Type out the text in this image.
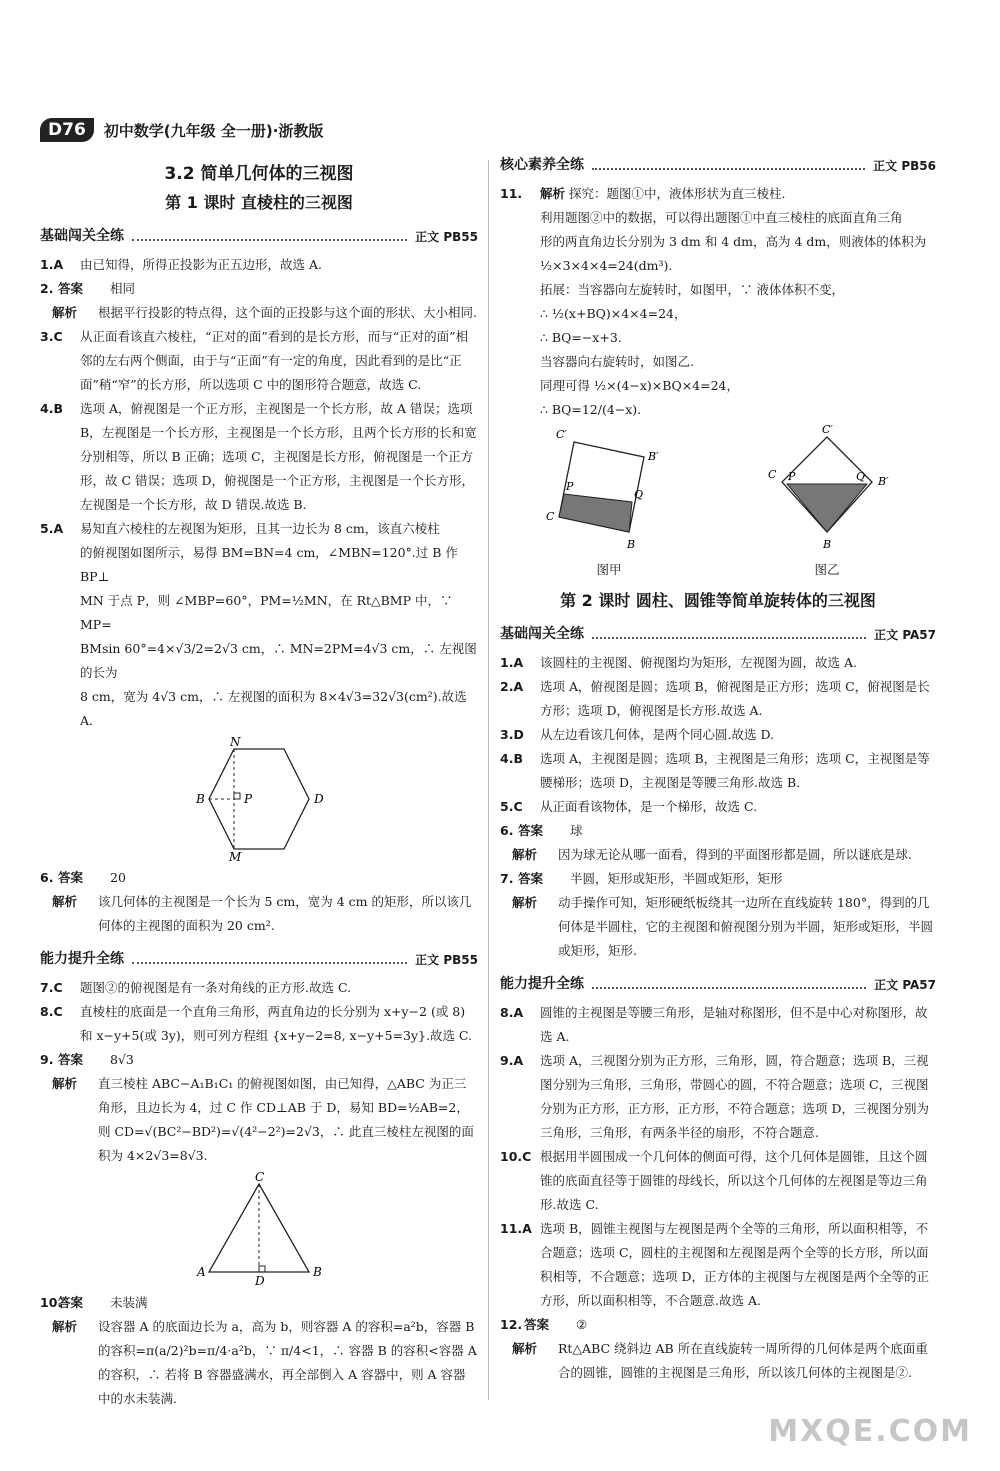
D76	初中数学(九年级 全一册)·浙教版
3.2 简单几何体的三视图
第 1 课时 直棱柱的三视图
基础闯关全练	正文 PB55
1.A	由已知得，所得正投影为正五边形，故选 A.
2. 答案	相同
解析	根据平行投影的特点得，这个面的正投影与这个面的形状、大小相同.
3.C	从正面看该直六棱柱，“正对的面”看到的是长方形，而与“正对的面”相邻的左右两个侧面，由于与“正面”有一定的角度，因此看到的是比“正面”稍“窄”的长方形，所以选项 C 中的图形符合题意，故选 C.
4.B	选项 A，俯视图是一个正方形，主视图是一个长方形，故 A 错误；选项 B，左视图是一个长方形，主视图是一个长方形，且两个长方形的长和宽分别相等，所以 B 正确；选项 C，主视图是长方形，俯视图是一个正方形，故 C 错误；选项 D，俯视图是一个正方形，主视图是一个长方形，左视图是一个长方形，故 D 错误.故选 B.
5.A	易知直六棱柱的左视图为矩形，且其一边长为 8 cm，该直六棱柱
的俯视图如图所示，易得 BM=BN=4 cm，∠MBN=120°.过 B 作 BP⊥
MN 于点 P，则 ∠MBP=60°，PM=½MN，在 Rt△BMP 中，∵ MP=
BMsin 60°=4×√3/2=2√3 cm，∴ MN=2PM=4√3 cm，∴ 左视图的长为
8 cm，宽为 4√3 cm，∴ 左视图的面积为 8×4√3=32√3(cm²).故选 A.
N
B	P	D
M
6. 答案	20
解析	该几何体的主视图是一个长为 5 cm，宽为 4 cm 的矩形，所以该几何体的主视图的面积为 20 cm².
能力提升全练	正文 PB55
7.C	题图②的俯视图是有一条对角线的正方形.故选 C.
8.C	直棱柱的底面是一个直角三角形，两直角边的长分别为 x+y−2 (或 8) 和 x−y+5(或 3y)，则可列方程组 {x+y−2=8, x−y+5=3y}.故选 C.
9. 答案	8√3
解析	直三棱柱 ABC−A₁B₁C₁ 的俯视图如图，由已知得，△ABC 为正三角形，且边长为 4，过 C 作 CD⊥AB 于 D，易知 BD=½AB=2，则 CD=√(BC²−BD²)=√(4²−2²)=2√3，∴ 此直三棱柱左视图的面积为 4×2√3=8√3.
C
A
D
B
10.
答案	未装满
解析	设容器 A 的底面边长为 a，高为 b，则容器 A 的容积=a²b，容器 B 的容积=π(a/2)²b=π/4·a²b，∵ π/4<1，∴ 容器 B 的容积<容器 A 的容积，∴ 若将 B 容器盛满水，再全部倒入 A 容器中，则 A 容器中的水未装满.
核心素养全练	正文 PB56
11.	解析 探究：题图①中，液体形状为直三棱柱.
利用题图②中的数据，可以得出题图①中直三棱柱的底面直角三角
形的两直角边长分别为 3 dm 和 4 dm，高为 4 dm，则液体的体积为
½×3×4×4=24(dm³).
拓展：当容器向左旋转时，如图甲，∵ 液体体积不变，
∴ ½(x+BQ)×4×4=24，
∴ BQ=−x+3.
当容器向右旋转时，如图乙.
同理可得 ½×(4−x)×BQ×4=24，
∴ BQ=12/(4−x).
C′
B′
P
Q
C
B
图甲
C′
B′
P	Q
C
B
图乙
第 2 课时 圆柱、圆锥等简单旋转体的三视图
基础闯关全练	正文 PA57
1.A	该圆柱的主视图、俯视图均为矩形，左视图为圆，故选 A.
2.A	选项 A，俯视图是圆；选项 B，俯视图是正方形；选项 C，俯视图是长方形；选项 D，俯视图是长方形.故选 A.
3.D	从左边看该几何体，是两个同心圆.故选 D.
4.B	选项 A，主视图是圆；选项 B，主视图是三角形；选项 C，主视图是等腰梯形；选项 D，主视图是等腰三角形.故选 B.
5.C	从正面看该物体，是一个梯形，故选 C.
6. 答案	球
解析	因为球无论从哪一面看，得到的平面图形都是圆，所以谜底是球.
7. 答案	半圆，矩形或矩形，半圆或矩形，矩形
解析	动手操作可知，矩形硬纸板绕其一边所在直线旋转 180°，得到的几何体是半圆柱，它的主视图和俯视图分别为半圆，矩形或矩形，半圆或矩形，矩形.
能力提升全练	正文 PA57
8.A	圆锥的主视图是等腰三角形，是轴对称图形，但不是中心对称图形，故选 A.
9.A	选项 A，三视图分别为正方形，三角形，圆，符合题意；选项 B，三视图分别为三角形，三角形，带圆心的圆，不符合题意；选项 C，三视图分别为正方形，正方形，正方形，不符合题意；选项 D，三视图分别为三角形，三角形，有两条半径的扇形，不符合题意.
10.C 根据用半圆围成一个几何体的侧面可得，这个几何体是圆锥，且这个圆锥的底面直径等于圆锥的母线长，所以这个几何体的左视图是等边三角形.故选 C.
11.A 选项 B，圆锥主视图与左视图是两个全等的三角形，所以面积相等，不合题意；选项 C，圆柱的主视图和左视图是两个全等的长方形，所以面积相等，不合题意；选项 D，正方体的主视图与左视图是两个全等的正方形，所以面积相等，不合题意.故选 A.
12. 答案	②
解析	Rt△ABC 绕斜边 AB 所在直线旋转一周所得的几何体是两个底面重合的圆锥，圆锥的主视图是三角形，所以该几何体的主视图是②.
MXQE.COM
